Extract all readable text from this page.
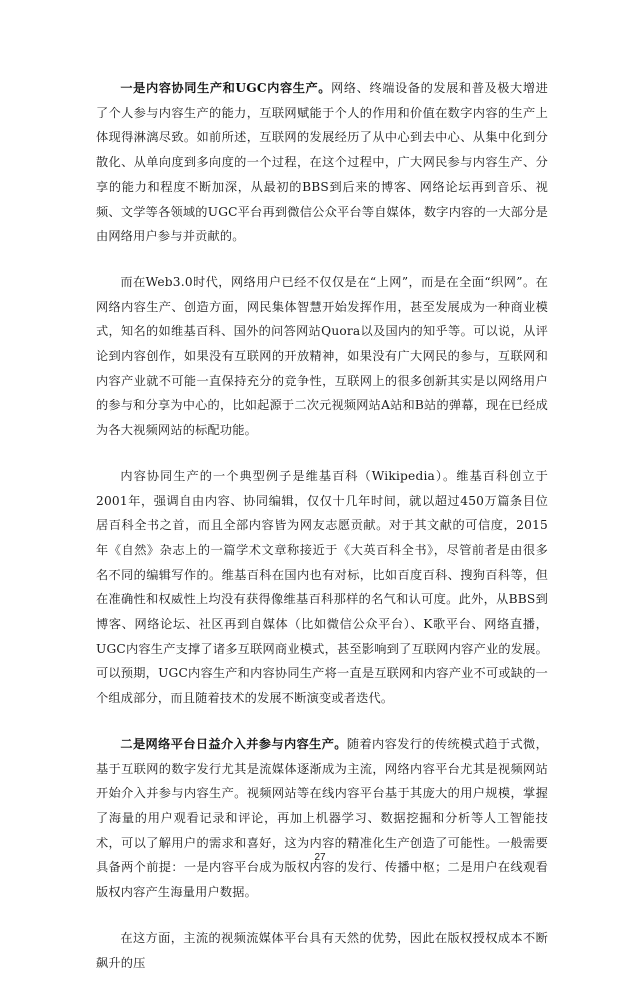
一是内容协同生产和UGC内容生产。网络、终端设备的发展和普及极大增进了个人参与内容生产的能力，互联网赋能于个人的作用和价值在数字内容的生产上体现得淋漓尽致。如前所述，互联网的发展经历了从中心到去中心、从集中化到分散化、从单向度到多向度的一个过程，在这个过程中，广大网民参与内容生产、分享的能力和程度不断加深，从最初的BBS到后来的博客、网络论坛再到音乐、视频、文学等各领域的UGC平台再到微信公众平台等自媒体，数字内容的一大部分是由网络用户参与并贡献的。

而在Web3.0时代，网络用户已经不仅仅是在“上网”，而是在全面“织网”。在网络内容生产、创造方面，网民集体智慧开始发挥作用，甚至发展成为一种商业模式，知名的如维基百科、国外的问答网站Quora以及国内的知乎等。可以说，从评论到内容创作，如果没有互联网的开放精神，如果没有广大网民的参与，互联网和内容产业就不可能一直保持充分的竞争性，互联网上的很多创新其实是以网络用户的参与和分享为中心的，比如起源于二次元视频网站A站和B站的弹幕，现在已经成为各大视频网站的标配功能。

内容协同生产的一个典型例子是维基百科（Wikipedia）。维基百科创立于2001年，强调自由内容、协同编辑，仅仅十几年时间，就以超过450万篇条目位居百科全书之首，而且全部内容皆为网友志愿贡献。对于其文献的可信度，2015年《自然》杂志上的一篇学术文章称接近于《大英百科全书》，尽管前者是由很多名不同的编辑写作的。维基百科在国内也有对标，比如百度百科、搜狗百科等，但在准确性和权威性上均没有获得像维基百科那样的名气和认可度。此外，从BBS到博客、网络论坛、社区再到自媒体（比如微信公众平台）、K歌平台、网络直播，UGC内容生产支撑了诸多互联网商业模式，甚至影响到了互联网内容产业的发展。可以预期，UGC内容生产和内容协同生产将一直是互联网和内容产业不可或缺的一个组成部分，而且随着技术的发展不断演变或者迭代。

二是网络平台日益介入并参与内容生产。随着内容发行的传统模式趋于式微，基于互联网的数字发行尤其是流媒体逐渐成为主流，网络内容平台尤其是视频网站开始介入并参与内容生产。视频网站等在线内容平台基于其庞大的用户规模，掌握了海量的用户观看记录和评论，再加上机器学习、数据挖掘和分析等人工智能技术，可以了解用户的需求和喜好，这为内容的精准化生产创造了可能性。一般需要具备两个前提：一是内容平台成为版权内容的发行、传播中枢；二是用户在线观看版权内容产生海量用户数据。

在这方面，主流的视频流媒体平台具有天然的优势，因此在版权授权成本不断飙升的压

27
